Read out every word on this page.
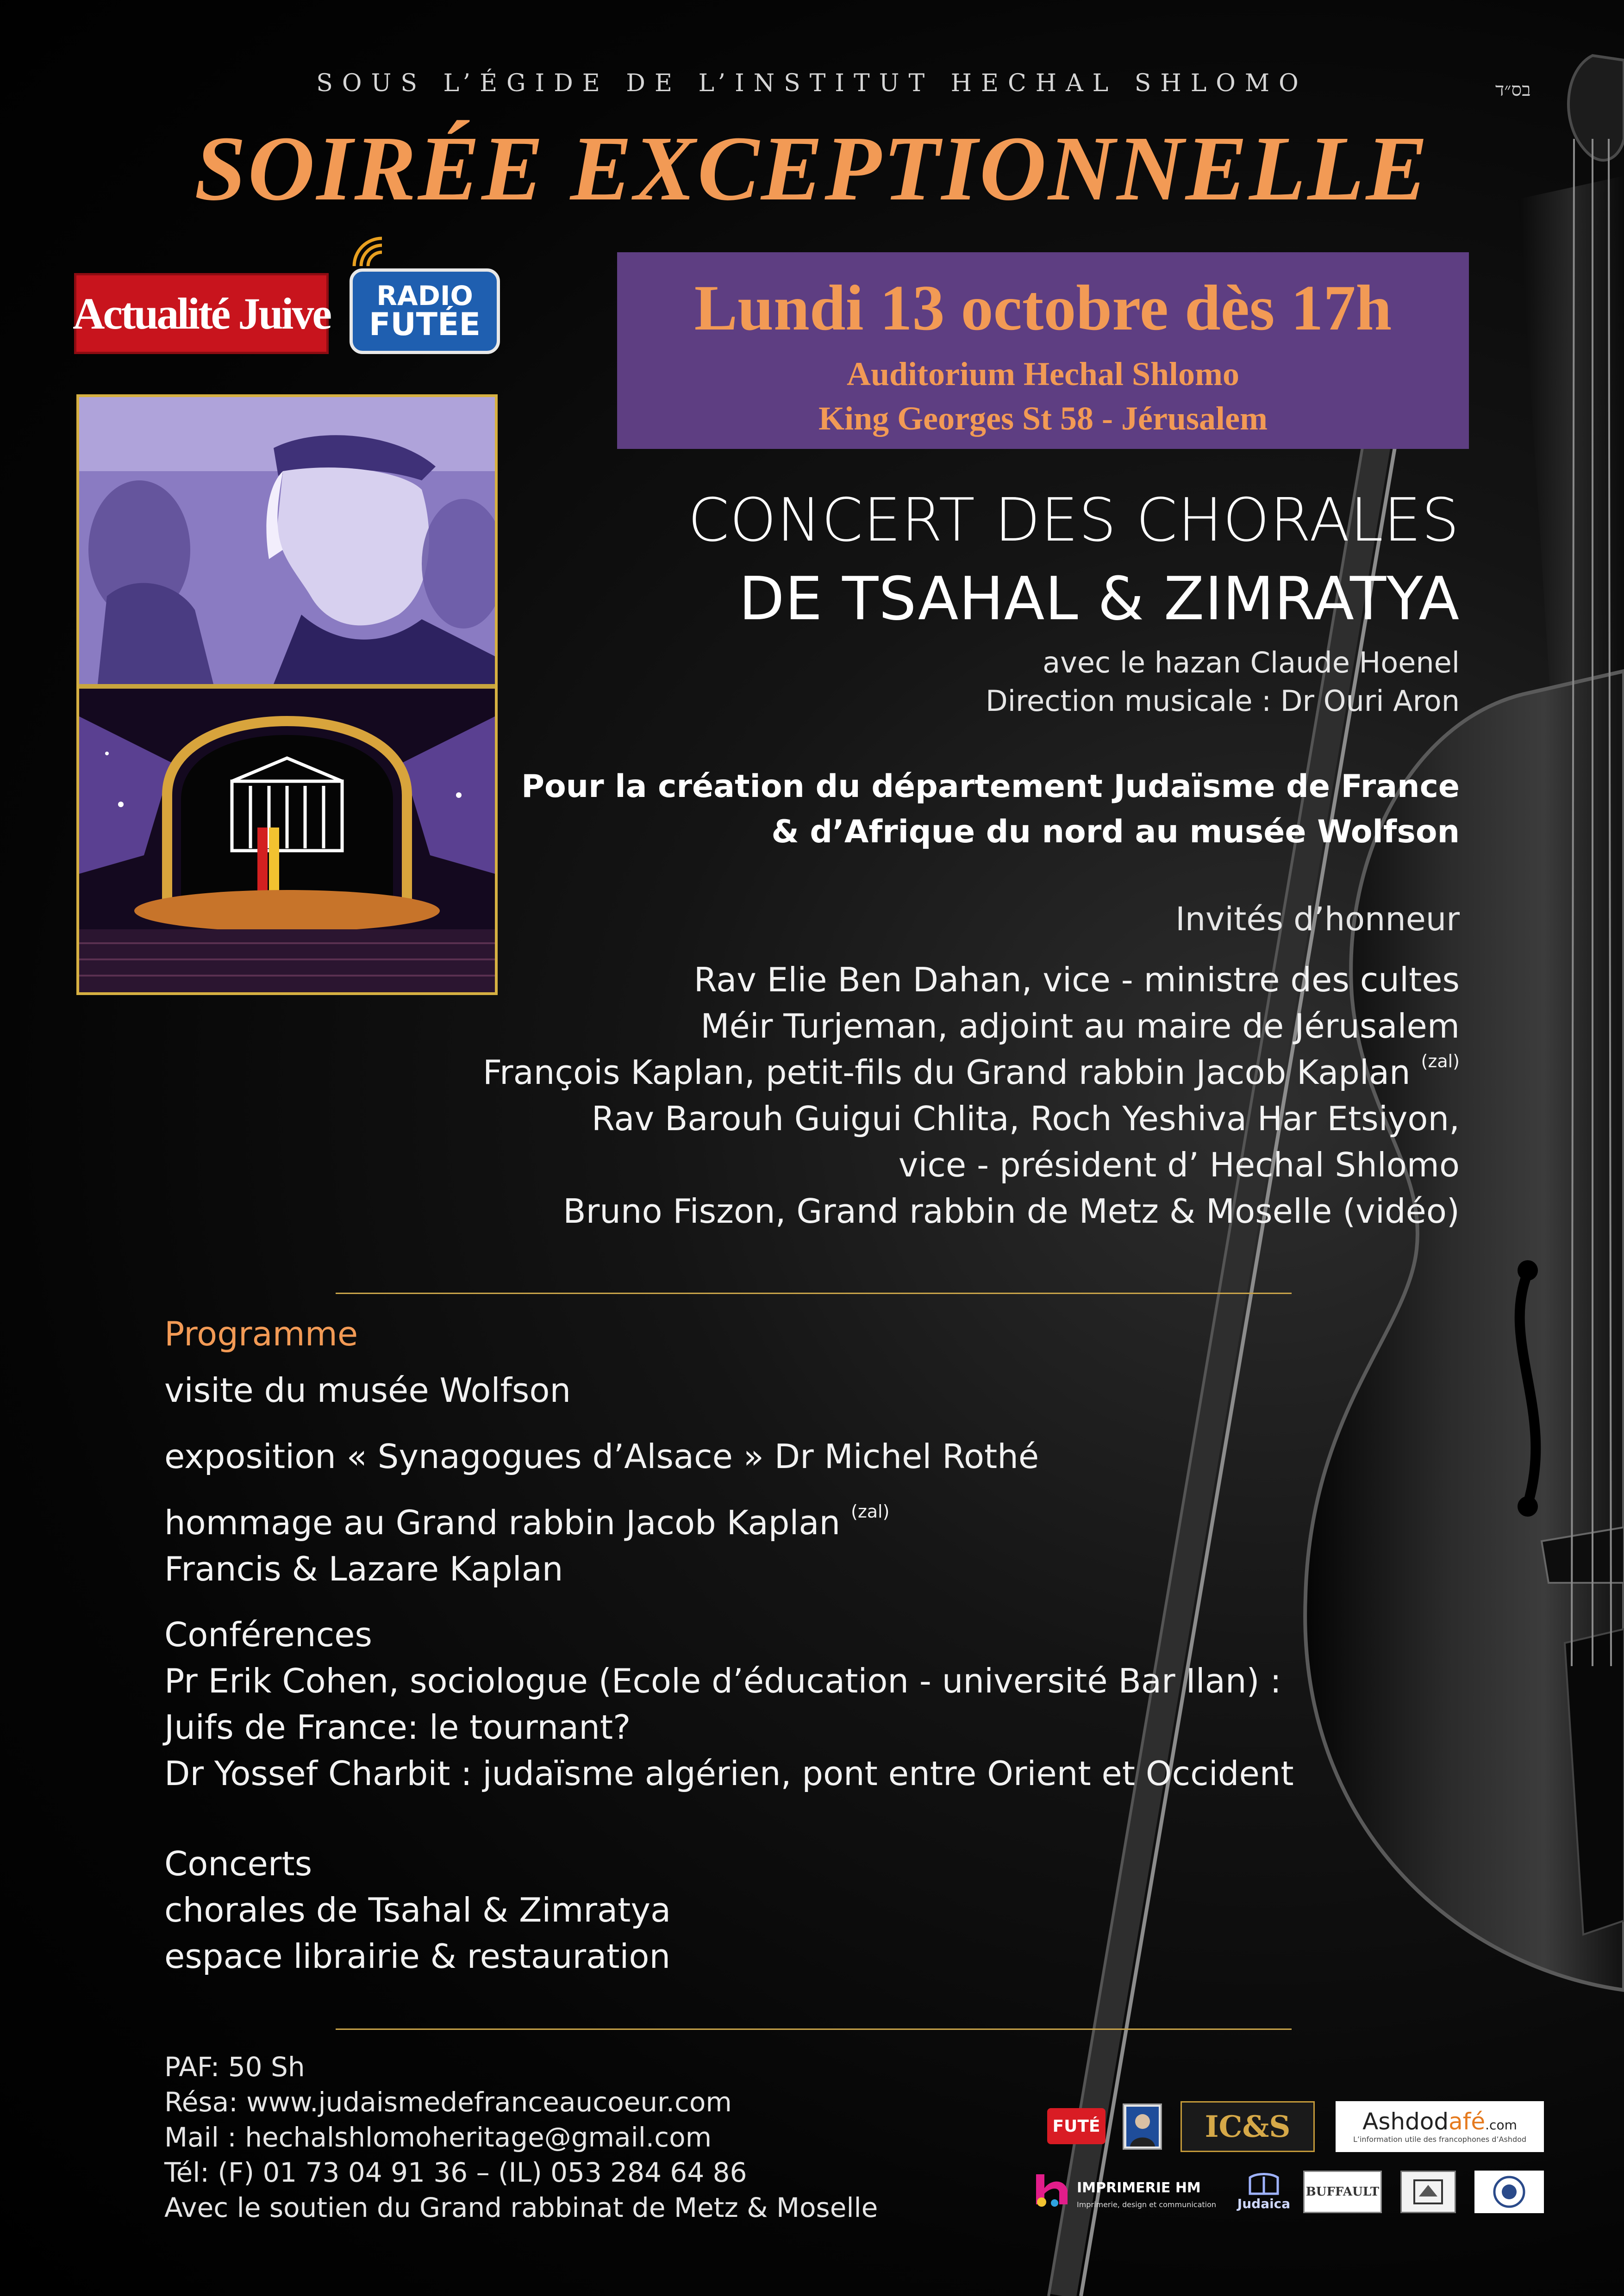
SOUS L’ÉGIDE DE L’INSTITUT HECHAL SHLOMO	בס״ד
SOIRÉE EXCEPTIONNELLE
Actualité Juive RADIO
FUTÉE	Lundi 13 octobre dès 17h
Auditorium Hechal Shlomo
King Georges St 58 - Jérusalem
CONCERT DES CHORALES
DE TSAHAL & ZIMRATYA
avec le hazan Claude Hoenel
Direction musicale : Dr Ouri Aron
Pour la création du département Judaïsme de France
& d’Afrique du nord au musée Wolfson
Invités d’honneur
Rav Elie Ben Dahan, vice - ministre des cultes
Méir Turjeman, adjoint au maire de Jérusalem
François Kaplan, petit-fils du Grand rabbin Jacob Kaplan $^{(zal)}$
Rav Barouh Guigui Chlita, Roch Yeshiva Har Etsiyon,
vice - président d’ Hechal Shlomo
Bruno Fiszon, Grand rabbin de Metz & Moselle (vidéo)
Programme
visite du musée Wolfson
exposition « Synagogues d’Alsace » Dr Michel Rothé
hommage au Grand rabbin Jacob Kaplan $^{(zal)}$
Francis & Lazare Kaplan
Conférences
Pr Erik Cohen, sociologue (Ecole d’éducation - université Bar Ilan) :
Juifs de France: le tournant?
Dr Yossef Charbit : judaïsme algérien, pont entre Orient et Occident
Concerts
chorales de Tsahal & Zimratya
espace librairie & restauration
PAF: 50 Sh
Résa: www.judaismedefranceaucoeur.com
Mail : hechalshlomoheritage@gmail.com
Tél: (F) 01 73 04 91 36 – (IL) 053 284 64 86
Avec le soutien du Grand rabbinat de Metz & Moselle
FUTÉ	IC&S	Ashdodafé.com
L’information utile des francophones d’Ashdod
IMPRIMERIE HM
Imprimerie, design et communication Judaica
BUFFAULT
